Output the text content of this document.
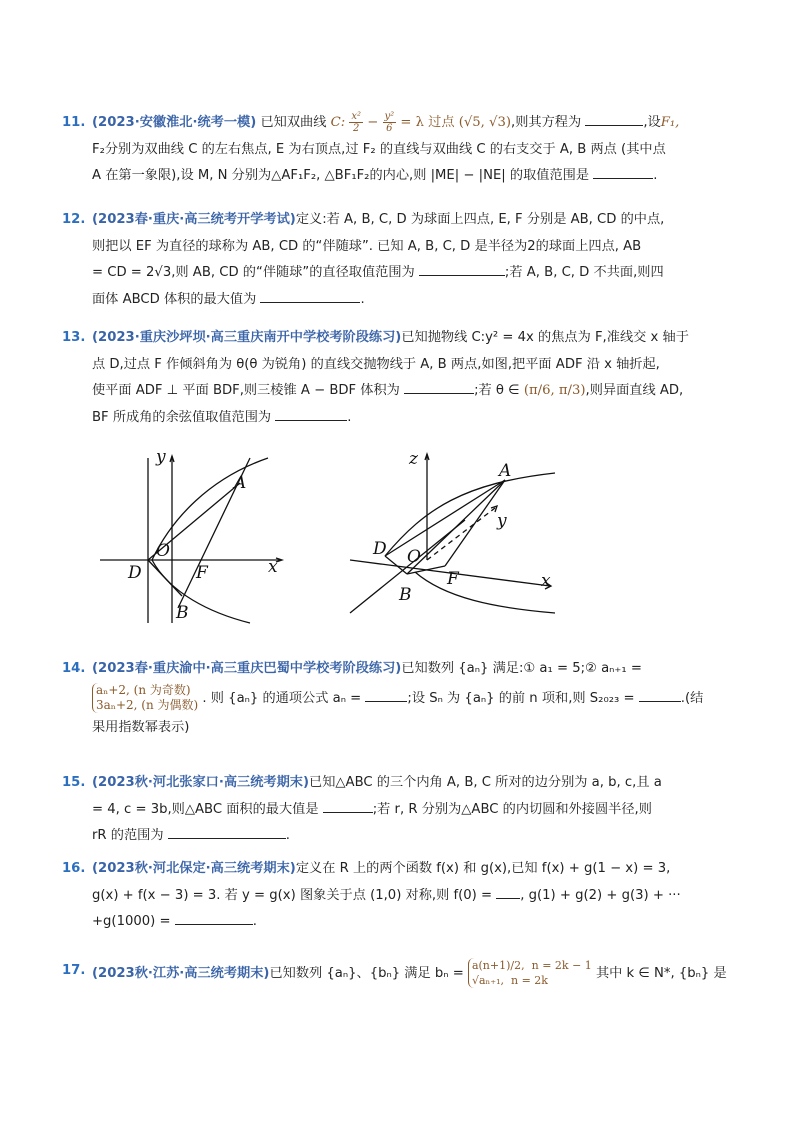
11. (2023·安徽淮北·统考一模) 已知双曲线 C: $\frac{\text{x²}}{2} - \frac{\text{y²}}{6} = \lambda$ 过点 (√5, √3),则其方程为	,设F₁,
F₂分别为双曲线 C 的左右焦点, E 为右顶点,过 F₂ 的直线与双曲线 C 的右支交于 A, B 两点 (其中点
A 在第一象限),设 M, N 分别为△AF₁F₂, △BF₁F₂的内心,则 |ME| − |NE| 的取值范围是	.
12. (2023春·重庆·高三统考开学考试)定义:若 A, B, C, D 为球面上四点, E, F 分别是 AB, CD 的中点,
则把以 EF 为直径的球称为 AB, CD 的“伴随球”. 已知 A, B, C, D 是半径为2的球面上四点, AB
= CD = 2√3,则 AB, CD 的“伴随球”的直径取值范围为	;若 A, B, C, D 不共面,则四
面体 ABCD 体积的最大值为	.
13. (2023·重庆沙坪坝·高三重庆南开中学校考阶段练习)已知抛物线 C:y² = 4x 的焦点为 F,准线交 x 轴于
点 D,过点 F 作倾斜角为 θ(θ 为锐角) 的直线交抛物线于 A, B 两点,如图,把平面 ADF 沿 x 轴折起,
使平面 ADF ⊥ 平面 BDF,则三棱锥 A − BDF 体积为	;若 θ ∈ (π/6, π/3),则异面直线 AD,
BF 所成角的余弦值取值范围为	.
y
A
O
D	F	x
B
z
A
y
D O
F	x
B
14. (2023春·重庆渝中·高三重庆巴蜀中学校考阶段练习)已知数列 {aₙ} 满足:① a₁ = 5;② aₙ₊₁ =
aₙ+2, (n 为奇数)
3aₙ+2, (n 为偶数) . 则 {aₙ} 的通项公式 aₙ =	;设 Sₙ 为 {aₙ} 的前 n 项和,则 S₂₀₂₃ =	.(结
果用指数幂表示)
15. (2023秋·河北张家口·高三统考期末)已知△ABC 的三个内角 A, B, C 所对的边分别为 a, b, c,且 a
= 4, c = 3b,则△ABC 面积的最大值是	;若 r, R 分别为△ABC 的内切圆和外接圆半径,则
rR 的范围为	.
16. (2023秋·河北保定·高三统考期末)定义在 R 上的两个函数 f(x) 和 g(x),已知 f(x) + g(1 − x) = 3,
g(x) + f(x − 3) = 3. 若 y = g(x) 图象关于点 (1,0) 对称,则 f(0) = , g(1) + g(2) + g(3) + ···
+g(1000) =	.
17. (2023秋·江苏·高三统考期末)已知数列 {aₙ}、{bₙ} 满足 bₙ =
a(n+1)/2, n = 2k − 1
√aₙ₊₁, n = 2k	其中 k ∈ N*, {bₙ} 是
